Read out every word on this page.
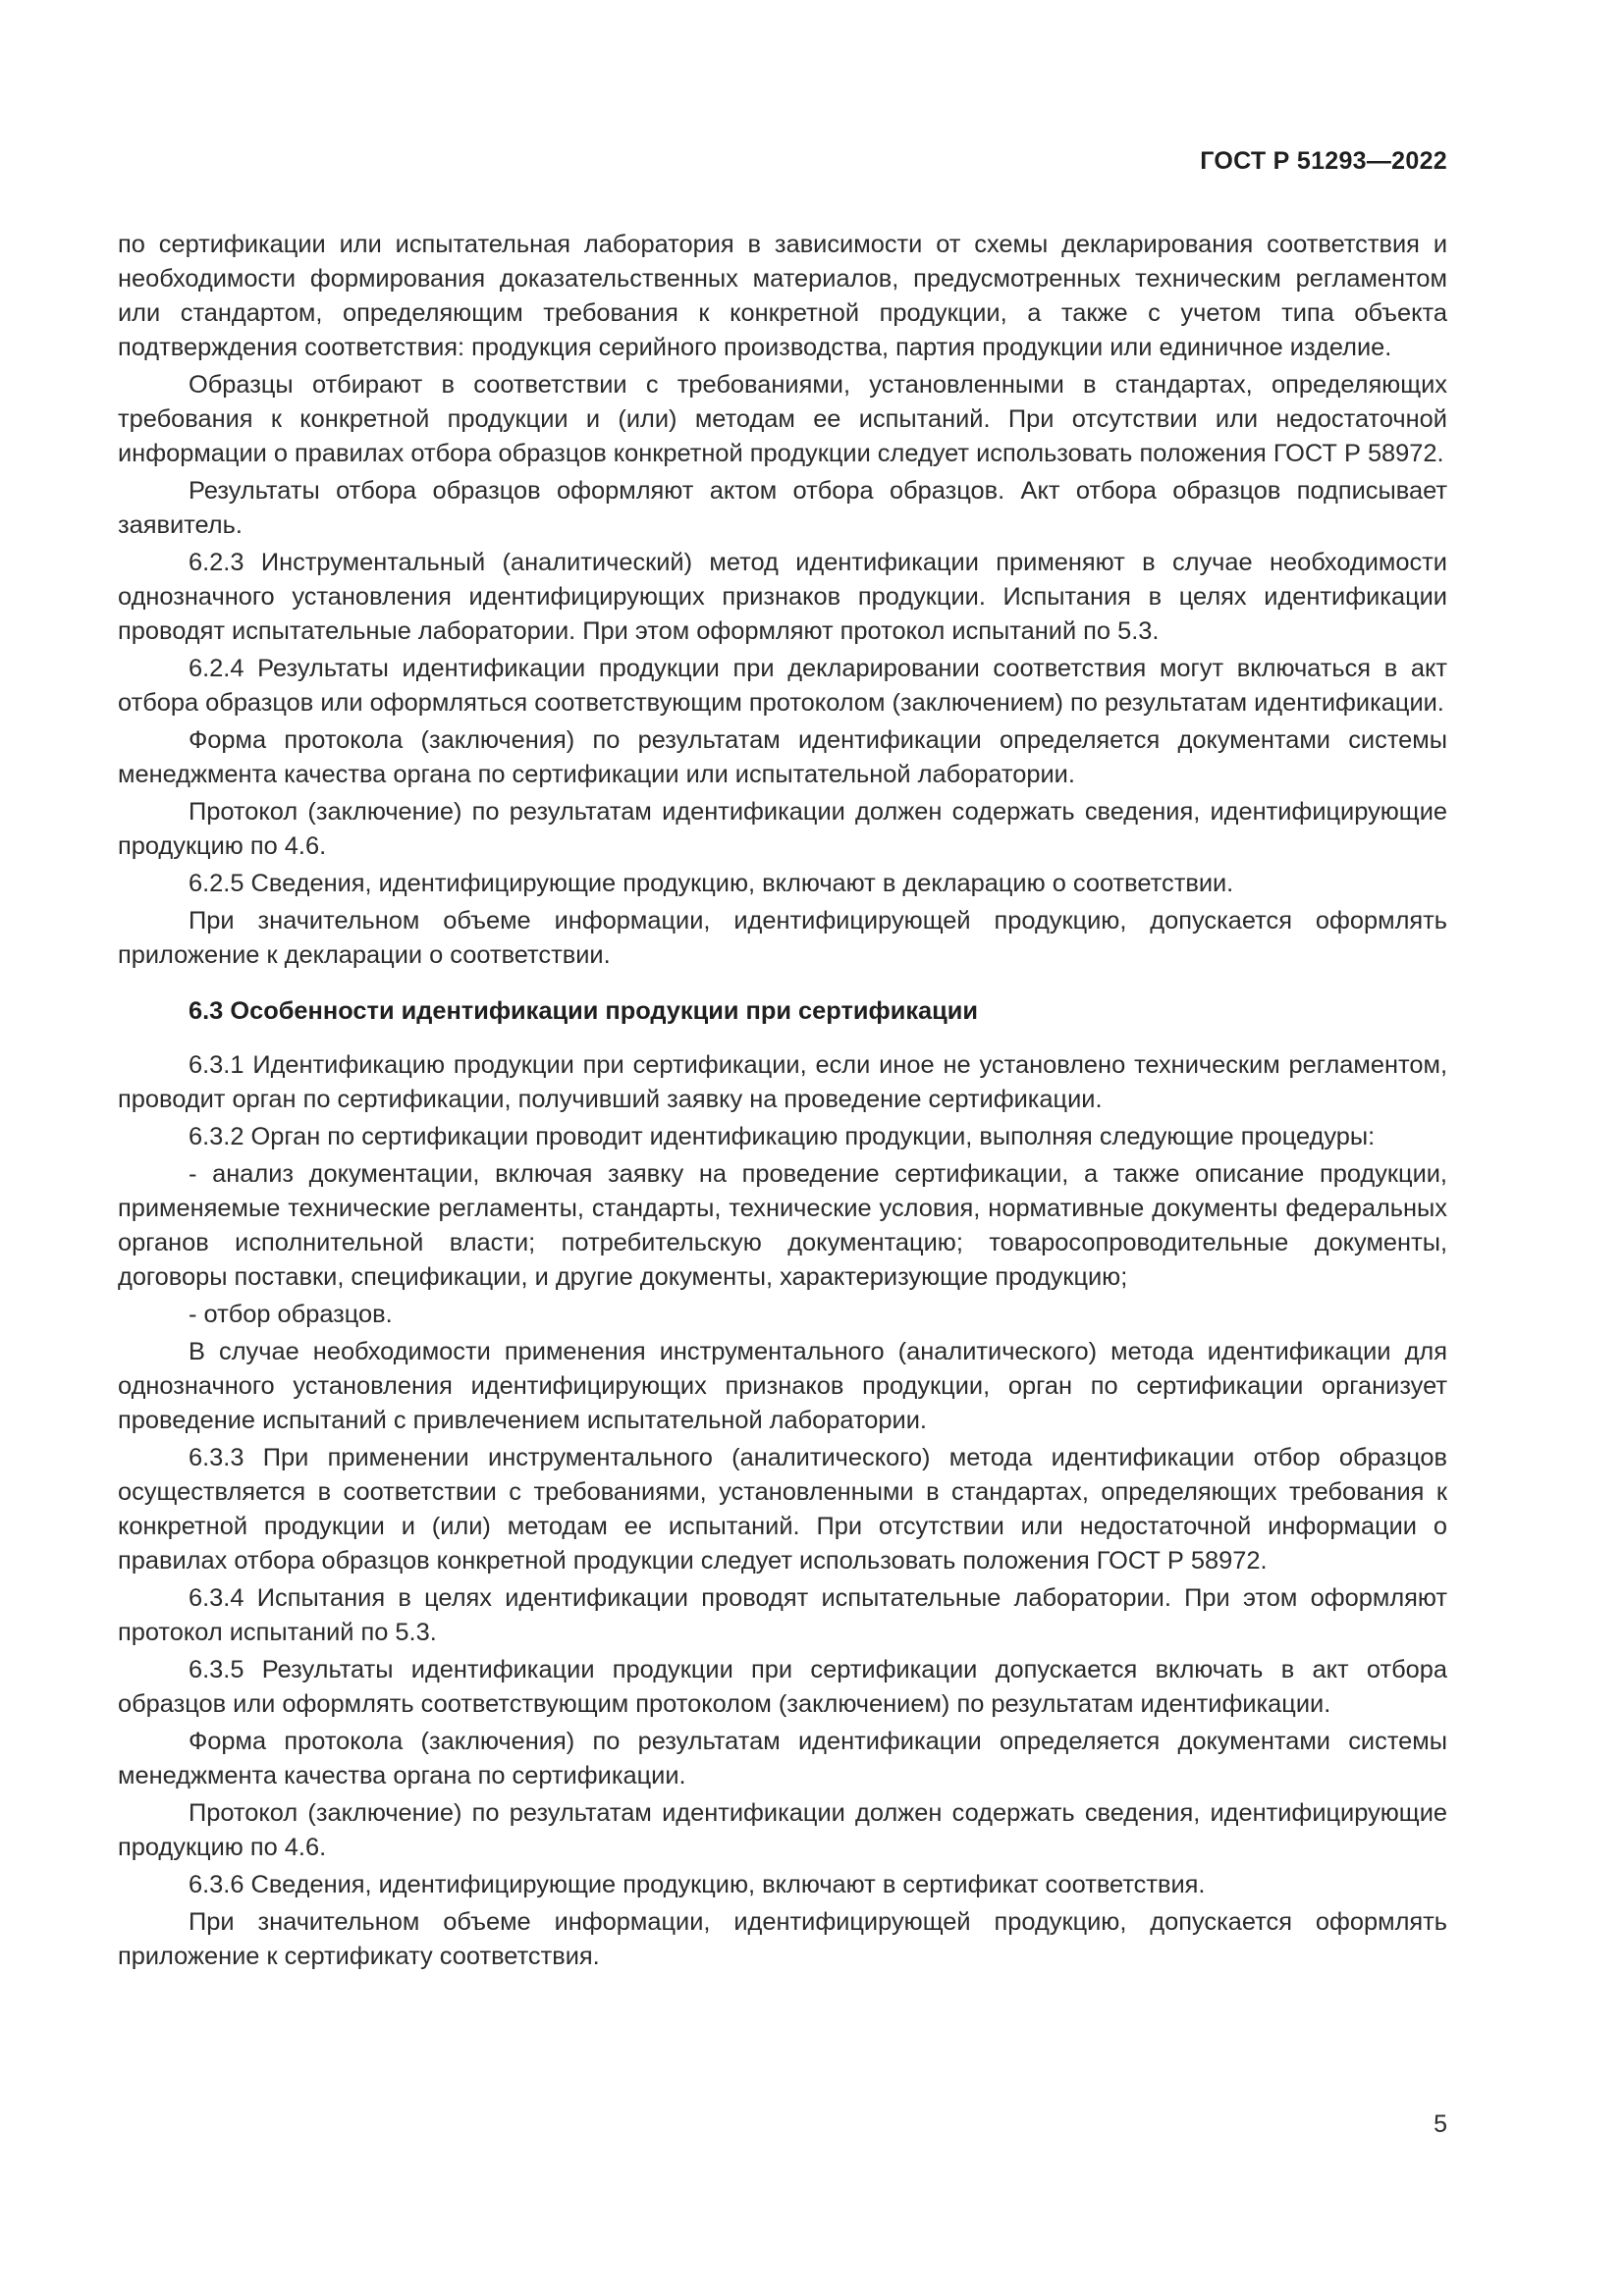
ГОСТ Р 51293—2022

по сертификации или испытательная лаборатория в зависимости от схемы декларирования соответствия и необходимости формирования доказательственных материалов, предусмотренных техническим регламентом или стандартом, определяющим требования к конкретной продукции, а также с учетом типа объекта подтверждения соответствия: продукция серийного производства, партия продукции или единичное изделие.

Образцы отбирают в соответствии с требованиями, установленными в стандартах, определяющих требования к конкретной продукции и (или) методам ее испытаний. При отсутствии или недостаточной информации о правилах отбора образцов конкретной продукции следует использовать положения ГОСТ Р 58972.

Результаты отбора образцов оформляют актом отбора образцов. Акт отбора образцов подписывает заявитель.

6.2.3 Инструментальный (аналитический) метод идентификации применяют в случае необходимости однозначного установления идентифицирующих признаков продукции. Испытания в целях идентификации проводят испытательные лаборатории. При этом оформляют протокол испытаний по 5.3.

6.2.4 Результаты идентификации продукции при декларировании соответствия могут включаться в акт отбора образцов или оформляться соответствующим протоколом (заключением) по результатам идентификации.

Форма протокола (заключения) по результатам идентификации определяется документами системы менеджмента качества органа по сертификации или испытательной лаборатории.

Протокол (заключение) по результатам идентификации должен содержать сведения, идентифицирующие продукцию по 4.6.

6.2.5 Сведения, идентифицирующие продукцию, включают в декларацию о соответствии.

При значительном объеме информации, идентифицирующей продукцию, допускается оформлять приложение к декларации о соответствии.

6.3 Особенности идентификации продукции при сертификации

6.3.1 Идентификацию продукции при сертификации, если иное не установлено техническим регламентом, проводит орган по сертификации, получивший заявку на проведение сертификации.

6.3.2 Орган по сертификации проводит идентификацию продукции, выполняя следующие процедуры:

- анализ документации, включая заявку на проведение сертификации, а также описание продукции, применяемые технические регламенты, стандарты, технические условия, нормативные документы федеральных органов исполнительной власти; потребительскую документацию; товаросопроводительные документы, договоры поставки, спецификации, и другие документы, характеризующие продукцию;

- отбор образцов.

В случае необходимости применения инструментального (аналитического) метода идентификации для однозначного установления идентифицирующих признаков продукции, орган по сертификации организует проведение испытаний с привлечением испытательной лаборатории.

6.3.3 При применении инструментального (аналитического) метода идентификации отбор образцов осуществляется в соответствии с требованиями, установленными в стандартах, определяющих требования к конкретной продукции и (или) методам ее испытаний. При отсутствии или недостаточной информации о правилах отбора образцов конкретной продукции следует использовать положения ГОСТ Р 58972.

6.3.4 Испытания в целях идентификации проводят испытательные лаборатории. При этом оформляют протокол испытаний по 5.3.

6.3.5 Результаты идентификации продукции при сертификации допускается включать в акт отбора образцов или оформлять соответствующим протоколом (заключением) по результатам идентификации.

Форма протокола (заключения) по результатам идентификации определяется документами системы менеджмента качества органа по сертификации.

Протокол (заключение) по результатам идентификации должен содержать сведения, идентифицирующие продукцию по 4.6.

6.3.6 Сведения, идентифицирующие продукцию, включают в сертификат соответствия.

При значительном объеме информации, идентифицирующей продукцию, допускается оформлять приложение к сертификату соответствия.

5
